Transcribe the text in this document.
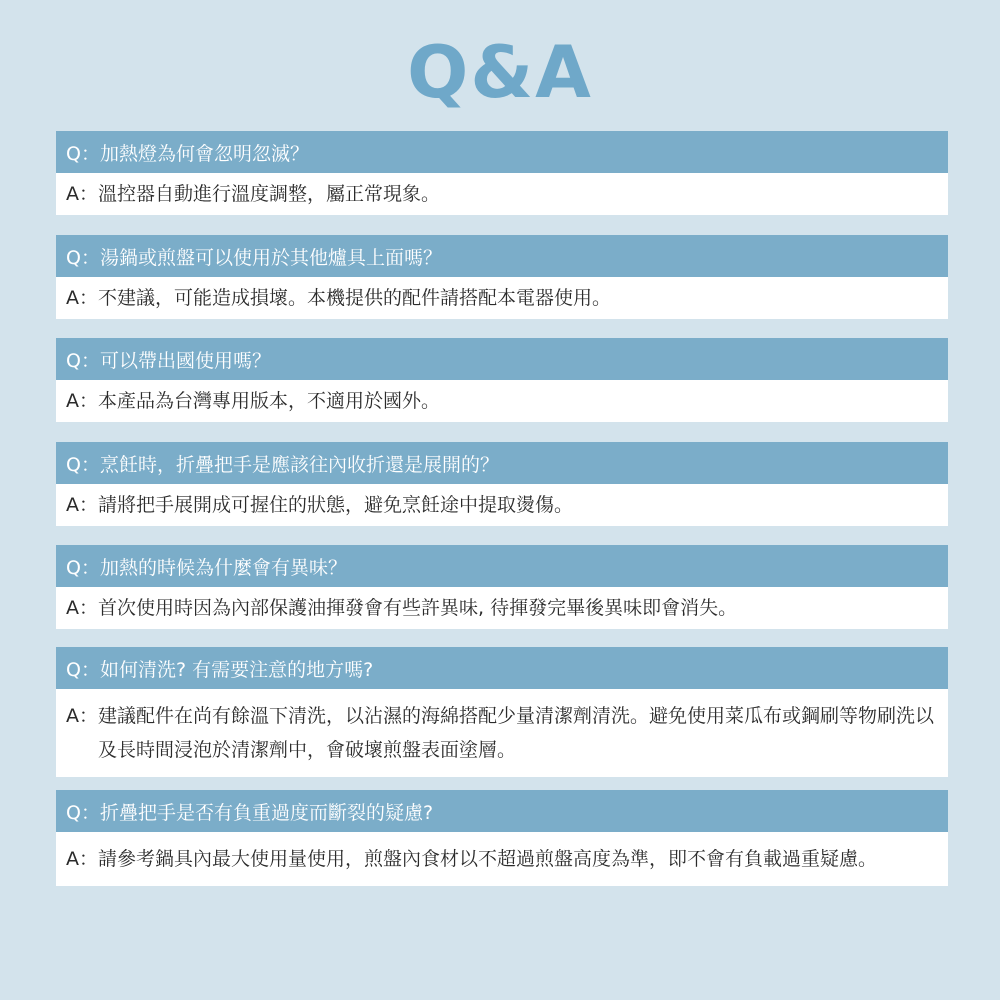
Q&A
Q： 加熱燈為何會忽明忽滅？
A： 溫控器自動進行溫度調整，屬正常現象。
Q： 湯鍋或煎盤可以使用於其他爐具上面嗎？
A： 不建議，可能造成損壞。本機提供的配件請搭配本電器使用。
Q： 可以帶出國使用嗎？
A： 本產品為台灣專用版本，不適用於國外。
Q： 烹飪時，折疊把手是應該往內收折還是展開的？
A： 請將把手展開成可握住的狀態，避免烹飪途中提取燙傷。
Q： 加熱的時候為什麼會有異味？
A： 首次使用時因為內部保護油揮發會有些許異味, 待揮發完畢後異味即會消失。
Q： 如何清洗? 有需要注意的地方嗎?
A： 建議配件在尚有餘溫下清洗，以沾濕的海綿搭配少量清潔劑清洗。避免使用菜瓜布或鋼刷等物刷洗以及長時間浸泡於清潔劑中，會破壞煎盤表面塗層。
Q： 折疊把手是否有負重過度而斷裂的疑慮?
A： 請參考鍋具內最大使用量使用，煎盤內食材以不超過煎盤高度為準，即不會有負載過重疑慮。
